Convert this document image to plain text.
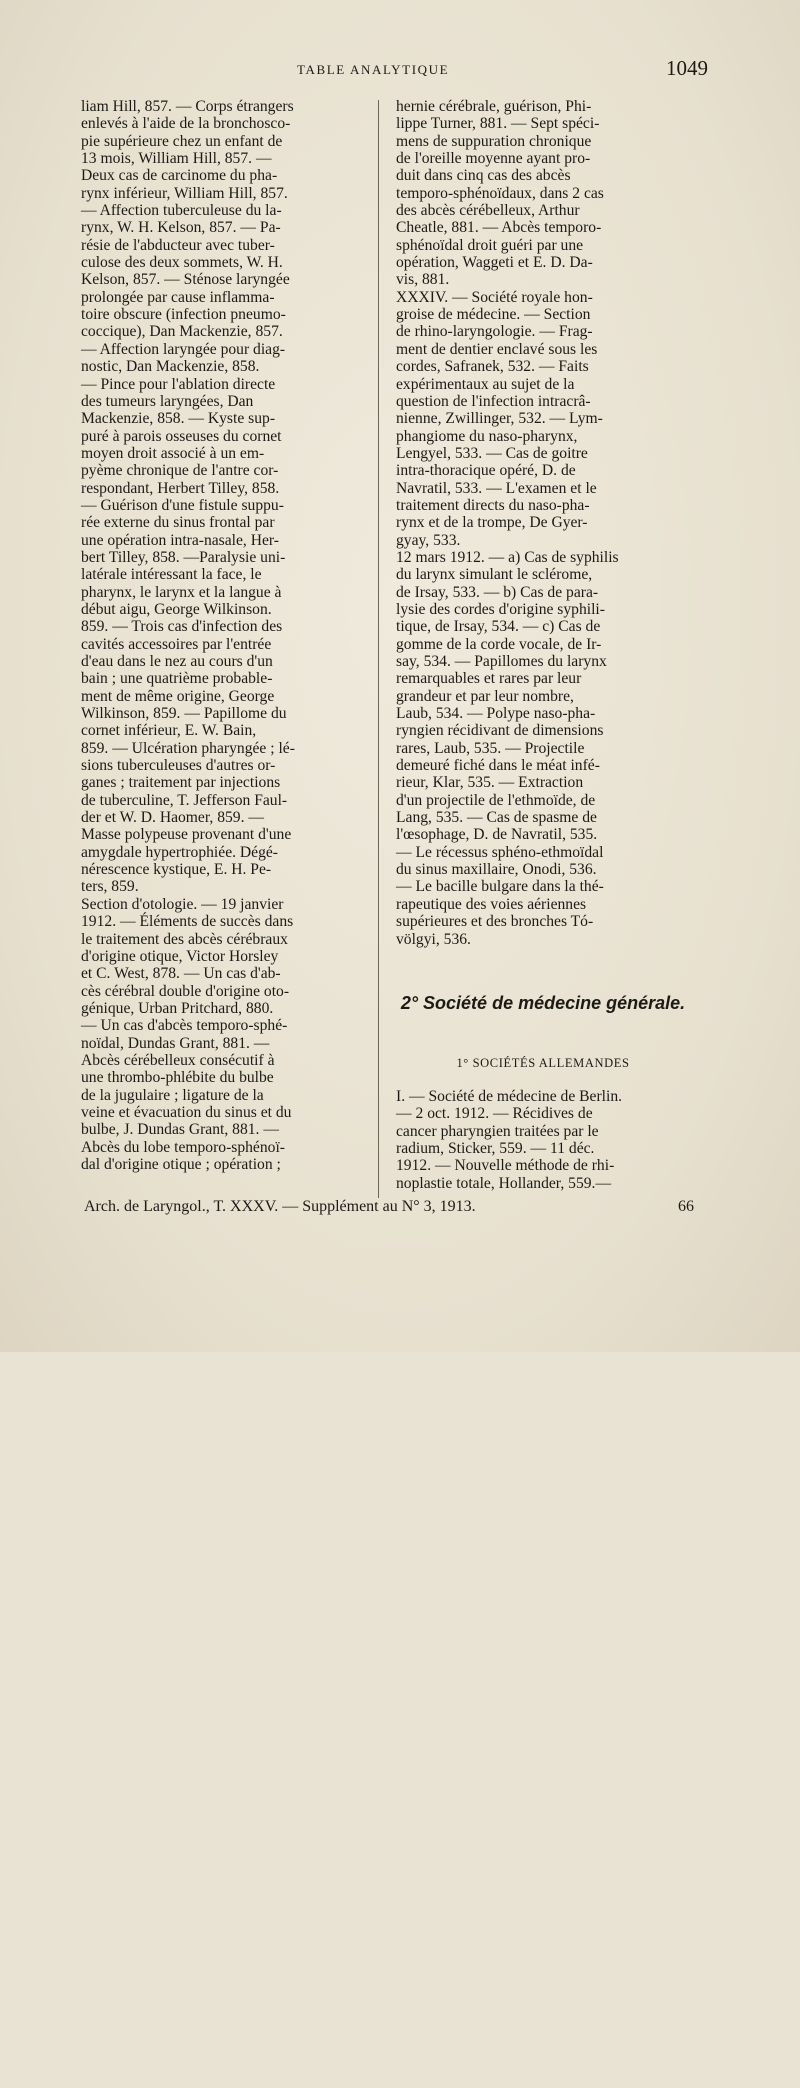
TABLE ANALYTIQUE	1049
liam Hill, 857. — Corps étrangers
enlevés à l'aide de la bronchosco-
pie supérieure chez un enfant de
13 mois, William Hill, 857. —
Deux cas de carcinome du pha-
rynx inférieur, William Hill, 857.
— Affection tuberculeuse du la-
rynx, W. H. Kelson, 857. — Pa-
résie de l'abducteur avec tuber-
culose des deux sommets, W. H.
Kelson, 857. — Sténose laryngée
prolongée par cause inflamma-
toire obscure (infection pneumo-
coccique), Dan Mackenzie, 857.
— Affection laryngée pour diag-
nostic, Dan Mackenzie, 858.
— Pince pour l'ablation directe
des tumeurs laryngées, Dan
Mackenzie, 858. — Kyste sup-
puré à parois osseuses du cornet
moyen droit associé à un em-
pyème chronique de l'antre cor-
respondant, Herbert Tilley, 858.
— Guérison d'une fistule suppu-
rée externe du sinus frontal par
une opération intra-nasale, Her-
bert Tilley, 858. —Paralysie uni-
latérale intéressant la face, le
pharynx, le larynx et la langue à
début aigu, George Wilkinson.
859. — Trois cas d'infection des
cavités accessoires par l'entrée
d'eau dans le nez au cours d'un
bain ; une quatrième probable-
ment de même origine, George
Wilkinson, 859. — Papillome du
cornet inférieur, E. W. Bain,
859. — Ulcération pharyngée ; lé-
sions tuberculeuses d'autres or-
ganes ; traitement par injections
de tuberculine, T. Jefferson Faul-
der et W. D. Haomer, 859. —
Masse polypeuse provenant d'une
amygdale hypertrophiée. Dégé-
nérescence kystique, E. H. Pe-
ters, 859.
Section d'otologie. — 19 janvier
1912. — Éléments de succès dans
le traitement des abcès cérébraux
d'origine otique, Victor Horsley
et C. West, 878. — Un cas d'ab-
cès cérébral double d'origine oto-
génique, Urban Pritchard, 880.
— Un cas d'abcès temporo-sphé-
noïdal, Dundas Grant, 881. —
Abcès cérébelleux consécutif à
une thrombo-phlébite du bulbe
de la jugulaire ; ligature de la
veine et évacuation du sinus et du
bulbe, J. Dundas Grant, 881. —
Abcès du lobe temporo-sphénoï-
dal d'origine otique ; opération ;
hernie cérébrale, guérison, Phi-
lippe Turner, 881. — Sept spéci-
mens de suppuration chronique
de l'oreille moyenne ayant pro-
duit dans cinq cas des abcès
temporo-sphénoïdaux, dans 2 cas
des abcès cérébelleux, Arthur
Cheatle, 881. — Abcès temporo-
sphénoïdal droit guéri par une
opération, Waggeti et E. D. Da-
vis, 881.
XXXIV. — Société royale hon-
groise de médecine. — Section
de rhino-laryngologie. — Frag-
ment de dentier enclavé sous les
cordes, Safranek, 532. — Faits
expérimentaux au sujet de la
question de l'infection intracrâ-
nienne, Zwillinger, 532. — Lym-
phangiome du naso-pharynx,
Lengyel, 533. — Cas de goitre
intra-thoracique opéré, D. de
Navratil, 533. — L'examen et le
traitement directs du naso-pha-
rynx et de la trompe, De Gyer-
gyay, 533.
12 mars 1912. — a) Cas de syphilis
du larynx simulant le sclérome,
de Irsay, 533. — b) Cas de para-
lysie des cordes d'origine syphili-
tique, de Irsay, 534. — c) Cas de
gomme de la corde vocale, de Ir-
say, 534. — Papillomes du larynx
remarquables et rares par leur
grandeur et par leur nombre,
Laub, 534. — Polype naso-pha-
ryngien récidivant de dimensions
rares, Laub, 535. — Projectile
demeuré fiché dans le méat infé-
rieur, Klar, 535. — Extraction
d'un projectile de l'ethmoïde, de
Lang, 535. — Cas de spasme de
l'œsophage, D. de Navratil, 535.
— Le récessus sphéno-ethmoïdal
du sinus maxillaire, Onodi, 536.
— Le bacille bulgare dans la thé-
rapeutique des voies aériennes
supérieures et des bronches Tó-
völgyi, 536.
2° Société de médecine générale.
1° SOCIÉTÉS ALLEMANDES
I. — Société de médecine de Berlin.
— 2 oct. 1912. — Récidives de
cancer pharyngien traitées par le
radium, Sticker, 559. — 11 déc.
1912. — Nouvelle méthode de rhi-
noplastie totale, Hollander, 559.—
Arch. de Laryngol., T. XXXV. — Supplément au N° 3, 1913.	66
